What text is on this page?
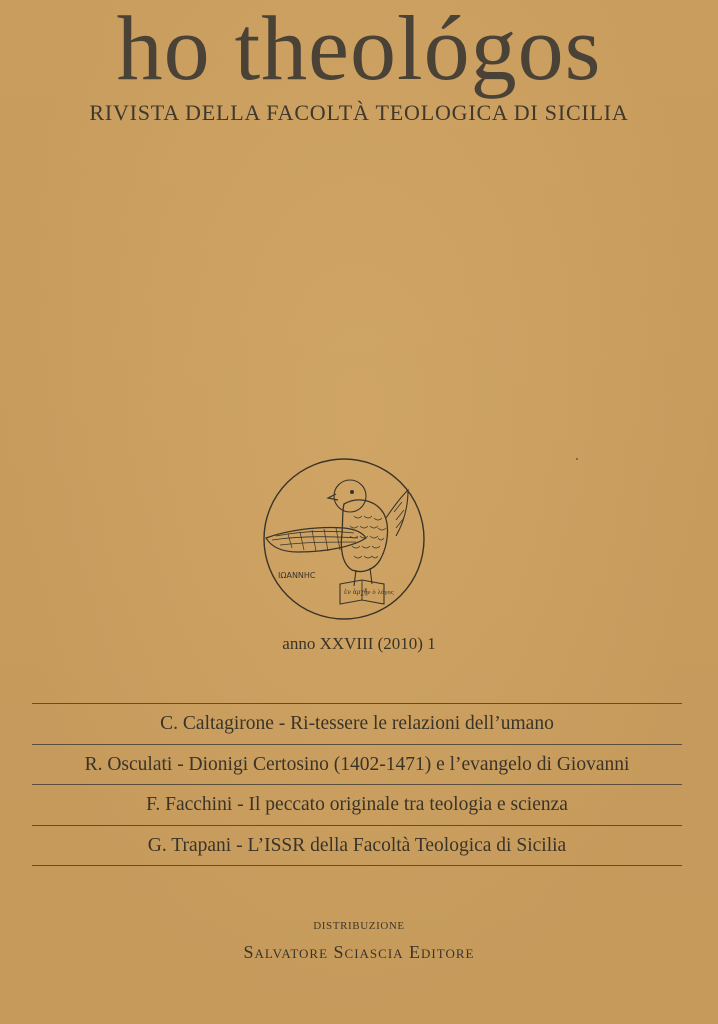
ho theológos
RIVISTA DELLA FACOLTÀ TEOLOGICA DI SICILIA
ἐν ἀρχῇ
ἦν ὁ λόγος
ΙΩΑΝΝΗC
anno XXVIII (2010) 1
C. Caltagirone - Ri-tessere le relazioni dell’umano
R. Osculati - Dionigi Certosino (1402-1471) e l’evangelo di Giovanni
F. Facchini - Il peccato originale tra teologia e scienza
G. Trapani - L’ISSR della Facoltà Teologica di Sicilia
DISTRIBUZIONE
Salvatore Sciascia Editore
